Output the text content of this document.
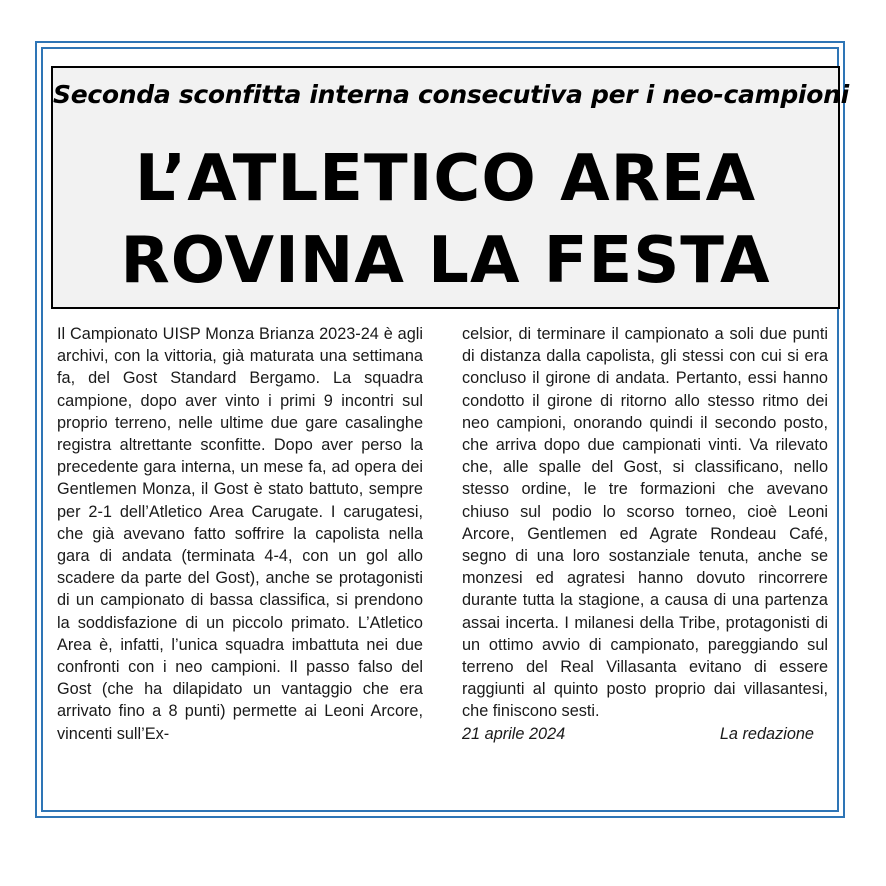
Seconda sconfitta interna consecutiva per i neo-campioni
L’ATLETICO AREA
ROVINA LA FESTA

Il Campionato UISP Monza Brianza 2023-24 è agli archivi, con la vittoria, già maturata una settimana fa, del Gost Standard Bergamo. La squadra campione, dopo aver vinto i primi 9 incontri sul proprio terreno, nelle ultime due gare casalinghe registra altrettante sconfitte. Dopo aver perso la precedente gara interna, un mese fa, ad opera dei Gentlemen Monza, il Gost è stato battuto, sempre per 2-1 dell’Atletico Area Carugate. I carugatesi, che già avevano fatto soffrire la capolista nella gara di andata (terminata 4-4, con un gol allo scadere da parte del Gost), anche se protagonisti di un campionato di bassa classifica, si prendono la soddisfazione di un piccolo primato. L’Atletico Area è, infatti, l’unica squadra imbattuta nei due confronti con i neo campioni. Il passo falso del Gost (che ha dilapidato un vantaggio che era arrivato fino a 8 punti) permette ai Leoni Arcore, vincenti sull’Ex-

celsior, di terminare il campionato a soli due punti di distanza dalla capolista, gli stessi con cui si era concluso il girone di andata. Pertanto, essi hanno condotto il girone di ritorno allo stesso ritmo dei neo campioni, onorando quindi il secondo posto, che arriva dopo due campionati vinti. Va rilevato che, alle spalle del Gost, si classificano, nello stesso ordine, le tre formazioni che avevano chiuso sul podio lo scorso torneo, cioè Leoni Arcore, Gentlemen ed Agrate Rondeau Café, segno di una loro sostanziale tenuta, anche se monzesi ed agratesi hanno dovuto rincorrere durante tutta la stagione, a causa di una partenza assai incerta. I milanesi della Tribe, protagonisti di un ottimo avvio di campionato, pareggiando sul terreno del Real Villasanta evitano di essere raggiunti al quinto posto proprio dai villasantesi, che finiscono sesti.

21 aprile 2024	La redazione
